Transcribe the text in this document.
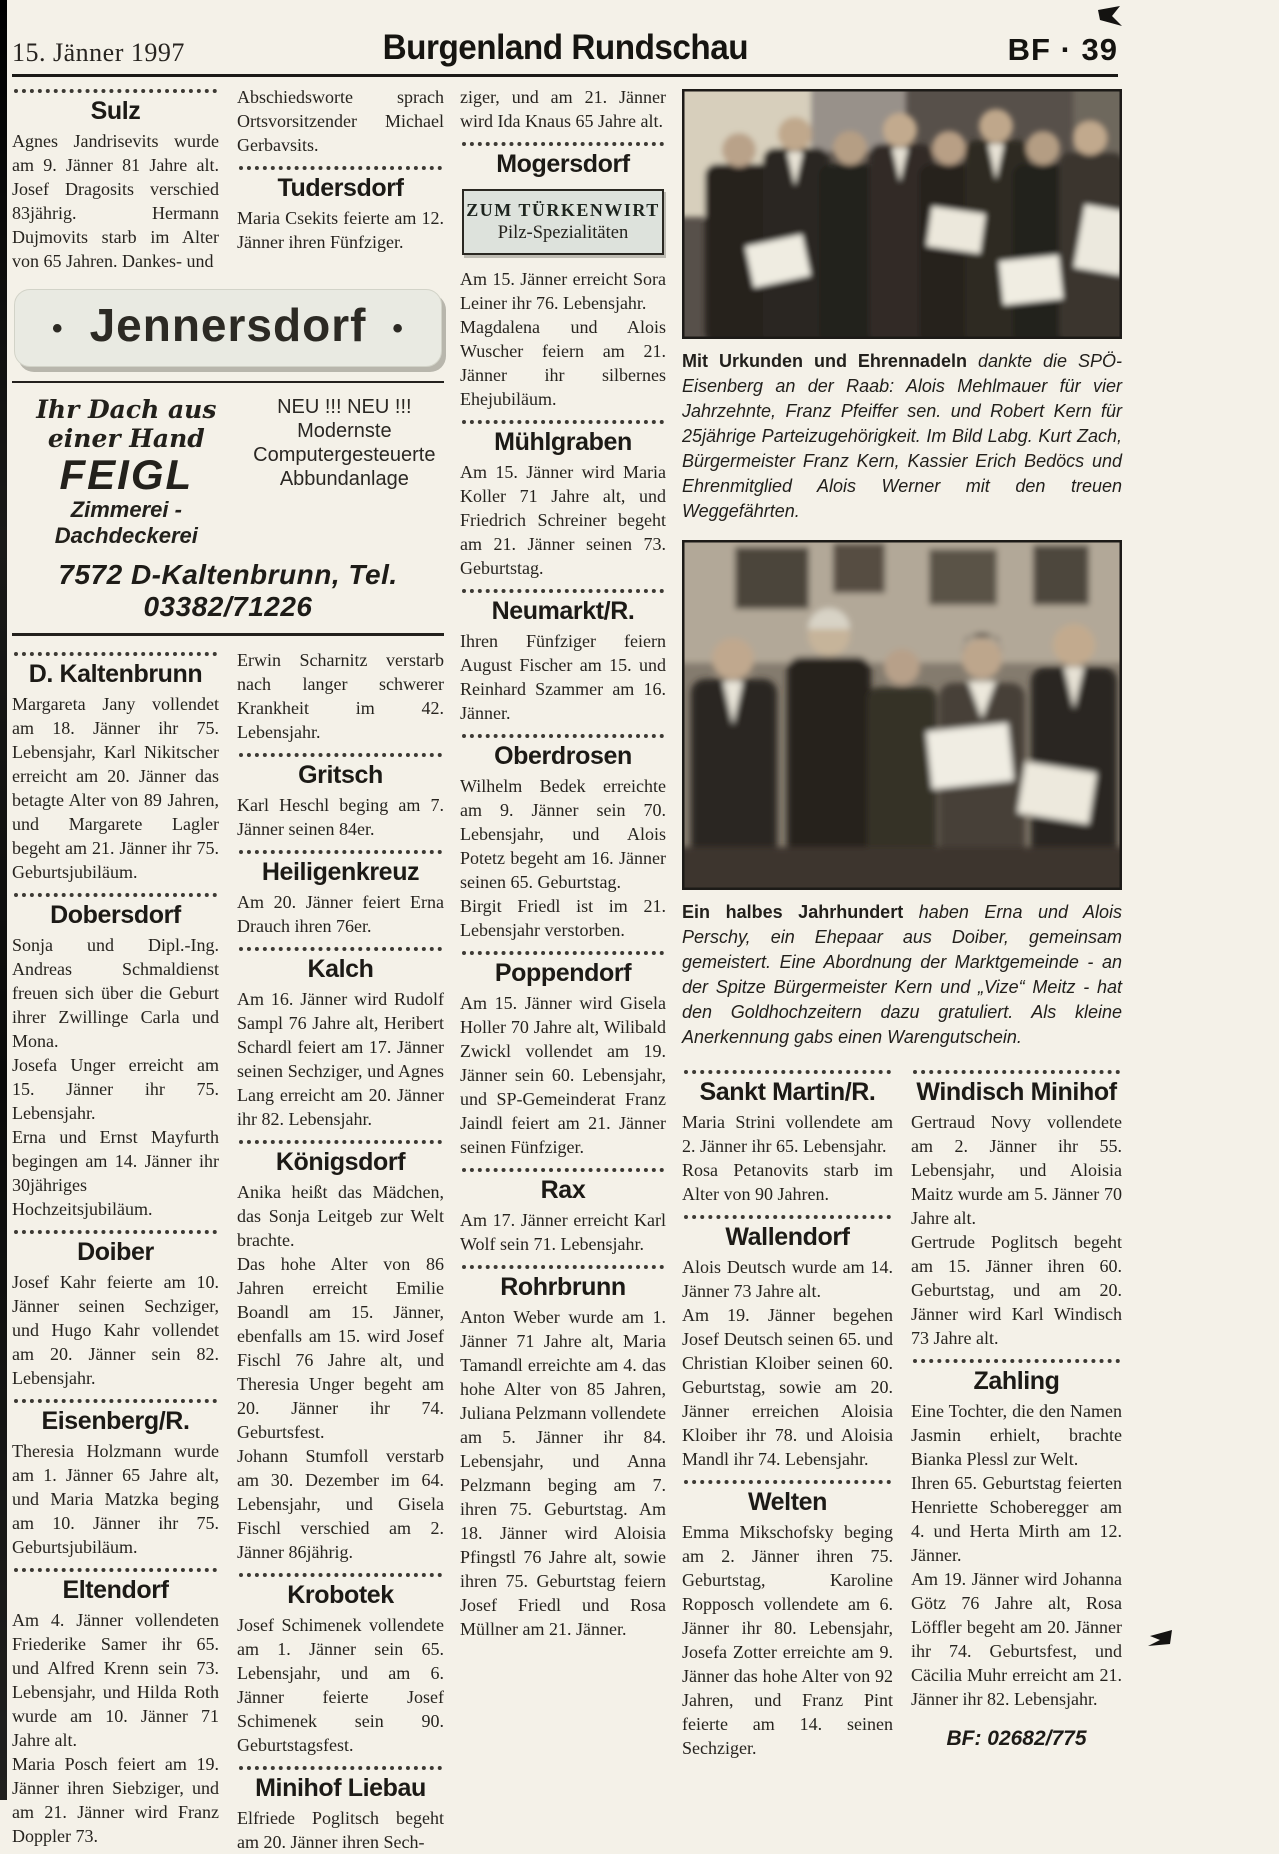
15. Jänner 1997	Burgenland Rundschau	BF · 39
Sulz

Agnes Jandrisevits wurde am 9. Jänner 81 Jahre alt. Josef Dragosits verschied 83jährig. Hermann Dujmovits starb im Alter von 65 Jahren. Dankes- und

Abschiedsworte sprach Ortsvorsitzender Michael Gerbavsits.

Tudersdorf

Maria Csekits feierte am 12. Jänner ihren Fünfziger.

• Jennersdorf •
Ihr Dach aus einer Hand
FEIGL
Zimmerei - Dachdeckerei
NEU !!! NEU !!!
Modernste
Computergesteuerte
Abbundanlage
7572 D-Kaltenbrunn, Tel. 03382/71226
D. Kaltenbrunn

Margareta Jany vollendet am 18. Jänner ihr 75. Lebensjahr, Karl Nikitscher erreicht am 20. Jänner das betagte Alter von 89 Jahren, und Margarete Lagler begeht am 21. Jänner ihr 75. Geburtsjubiläum.

Dobersdorf

Sonja und Dipl.-Ing. Andreas Schmaldienst freuen sich über die Geburt ihrer Zwillinge Carla und Mona.

Josefa Unger erreicht am 15. Jänner ihr 75. Lebensjahr.

Erna und Ernst Mayfurth begingen am 14. Jänner ihr 30jähriges Hochzeitsjubiläum.

Doiber

Josef Kahr feierte am 10. Jänner seinen Sechziger, und Hugo Kahr vollendet am 20. Jänner sein 82. Lebensjahr.

Eisenberg/R.

Theresia Holzmann wurde am 1. Jänner 65 Jahre alt, und Maria Matzka beging am 10. Jänner ihr 75. Geburtsjubiläum.

Eltendorf

Am 4. Jänner vollendeten Friederike Samer ihr 65. und Alfred Krenn sein 73. Lebensjahr, und Hilda Roth wurde am 10. Jänner 71 Jahre alt.

Maria Posch feiert am 19. Jänner ihren Siebziger, und am 21. Jänner wird Franz Doppler 73.

Erwin Scharnitz verstarb nach langer schwerer Krankheit im 42. Lebensjahr.

Gritsch

Karl Heschl beging am 7. Jänner seinen 84er.

Heiligenkreuz

Am 20. Jänner feiert Erna Drauch ihren 76er.

Kalch

Am 16. Jänner wird Rudolf Sampl 76 Jahre alt, Heribert Schardl feiert am 17. Jänner seinen Sechziger, und Agnes Lang erreicht am 20. Jänner ihr 82. Lebensjahr.

Königsdorf

Anika heißt das Mädchen, das Sonja Leitgeb zur Welt brachte.

Das hohe Alter von 86 Jahren erreicht Emilie Boandl am 15. Jänner, ebenfalls am 15. wird Josef Fischl 76 Jahre alt, und Theresia Unger begeht am 20. Jänner ihr 74. Geburtsfest.

Johann Stumfoll verstarb am 30. Dezember im 64. Lebensjahr, und Gisela Fischl verschied am 2. Jänner 86jährig.

Krobotek

Josef Schimenek vollendete am 1. Jänner sein 65. Lebensjahr, und am 6. Jänner feierte Josef Schimenek sein 90. Geburtstagsfest.

Minihof Liebau

Elfriede Poglitsch begeht am 20. Jänner ihren Sech-

ziger, und am 21. Jänner wird Ida Knaus 65 Jahre alt.

Mogersdorf
ZUM TÜRKENWIRT
Pilz-Spezialitäten

Am 15. Jänner erreicht Sora Leiner ihr 76. Lebensjahr.

Magdalena und Alois Wuscher feiern am 21. Jänner ihr silbernes Ehejubiläum.

Mühlgraben

Am 15. Jänner wird Maria Koller 71 Jahre alt, und Friedrich Schreiner begeht am 21. Jänner seinen 73. Geburtstag.

Neumarkt/R.

Ihren Fünfziger feiern August Fischer am 15. und Reinhard Szammer am 16. Jänner.

Oberdrosen

Wilhelm Bedek erreichte am 9. Jänner sein 70. Lebensjahr, und Alois Potetz begeht am 16. Jänner seinen 65. Geburtstag.

Birgit Friedl ist im 21. Lebensjahr verstorben.

Poppendorf

Am 15. Jänner wird Gisela Holler 70 Jahre alt, Wilibald Zwickl vollendet am 19. Jänner sein 60. Lebensjahr, und SP-Gemeinderat Franz Jaindl feiert am 21. Jänner seinen Fünfziger.

Rax

Am 17. Jänner erreicht Karl Wolf sein 71. Lebensjahr.

Rohrbrunn

Anton Weber wurde am 1. Jänner 71 Jahre alt, Maria Tamandl erreichte am 4. das hohe Alter von 85 Jahren, Juliana Pelzmann vollendete am 5. Jänner ihr 84. Lebensjahr, und Anna Pelzmann beging am 7. ihren 75. Geburtstag. Am 18. Jänner wird Aloisia Pfingstl 76 Jahre alt, sowie ihren 75. Geburtstag feiern Josef Friedl und Rosa Müllner am 21. Jänner.

Mit Urkunden und Ehrennadeln dankte die SPÖ-Eisenberg an der Raab: Alois Mehlmauer für vier Jahrzehnte, Franz Pfeiffer sen. und Robert Kern für 25jährige Parteizugehörigkeit. Im Bild Labg. Kurt Zach, Bürgermeister Franz Kern, Kassier Erich Bedöcs und Ehrenmitglied Alois Werner mit den treuen Weggefährten.

Ein halbes Jahrhundert haben Erna und Alois Perschy, ein Ehepaar aus Doiber, gemeinsam gemeistert. Eine Abordnung der Marktgemeinde - an der Spitze Bürgermeister Kern und „Vize“ Meitz - hat den Goldhochzeitern dazu gratuliert. Als kleine Anerkennung gabs einen Warengutschein.

Sankt Martin/R.

Maria Strini vollendete am 2. Jänner ihr 65. Lebensjahr.

Rosa Petanovits starb im Alter von 90 Jahren.

Wallendorf

Alois Deutsch wurde am 14. Jänner 73 Jahre alt.

Am 19. Jänner begehen Josef Deutsch seinen 65. und Christian Kloiber seinen 60. Geburtstag, sowie am 20. Jänner erreichen Aloisia Kloiber ihr 78. und Aloisia Mandl ihr 74. Lebensjahr.

Welten

Emma Mikschofsky beging am 2. Jänner ihren 75. Geburtstag, Karoline Ropposch vollendete am 6. Jänner ihr 80. Lebensjahr, Josefa Zotter erreichte am 9. Jänner das hohe Alter von 92 Jahren, und Franz Pint feierte am 14. seinen Sechziger.

Windisch Minihof

Gertraud Novy vollendete am 2. Jänner ihr 55. Lebensjahr, und Aloisia Maitz wurde am 5. Jänner 70 Jahre alt.

Gertrude Poglitsch begeht am 15. Jänner ihren 60. Geburtstag, und am 20. Jänner wird Karl Windisch 73 Jahre alt.

Zahling

Eine Tochter, die den Namen Jasmin erhielt, brachte Bianka Plessl zur Welt.

Ihren 65. Geburtstag feierten Henriette Schoberegger am 4. und Herta Mirth am 12. Jänner.

Am 19. Jänner wird Johanna Götz 76 Jahre alt, Rosa Löffler begeht am 20. Jänner ihr 74. Geburtsfest, und Cäcilia Muhr erreicht am 21. Jänner ihr 82. Lebensjahr.

BF: 02682/775
